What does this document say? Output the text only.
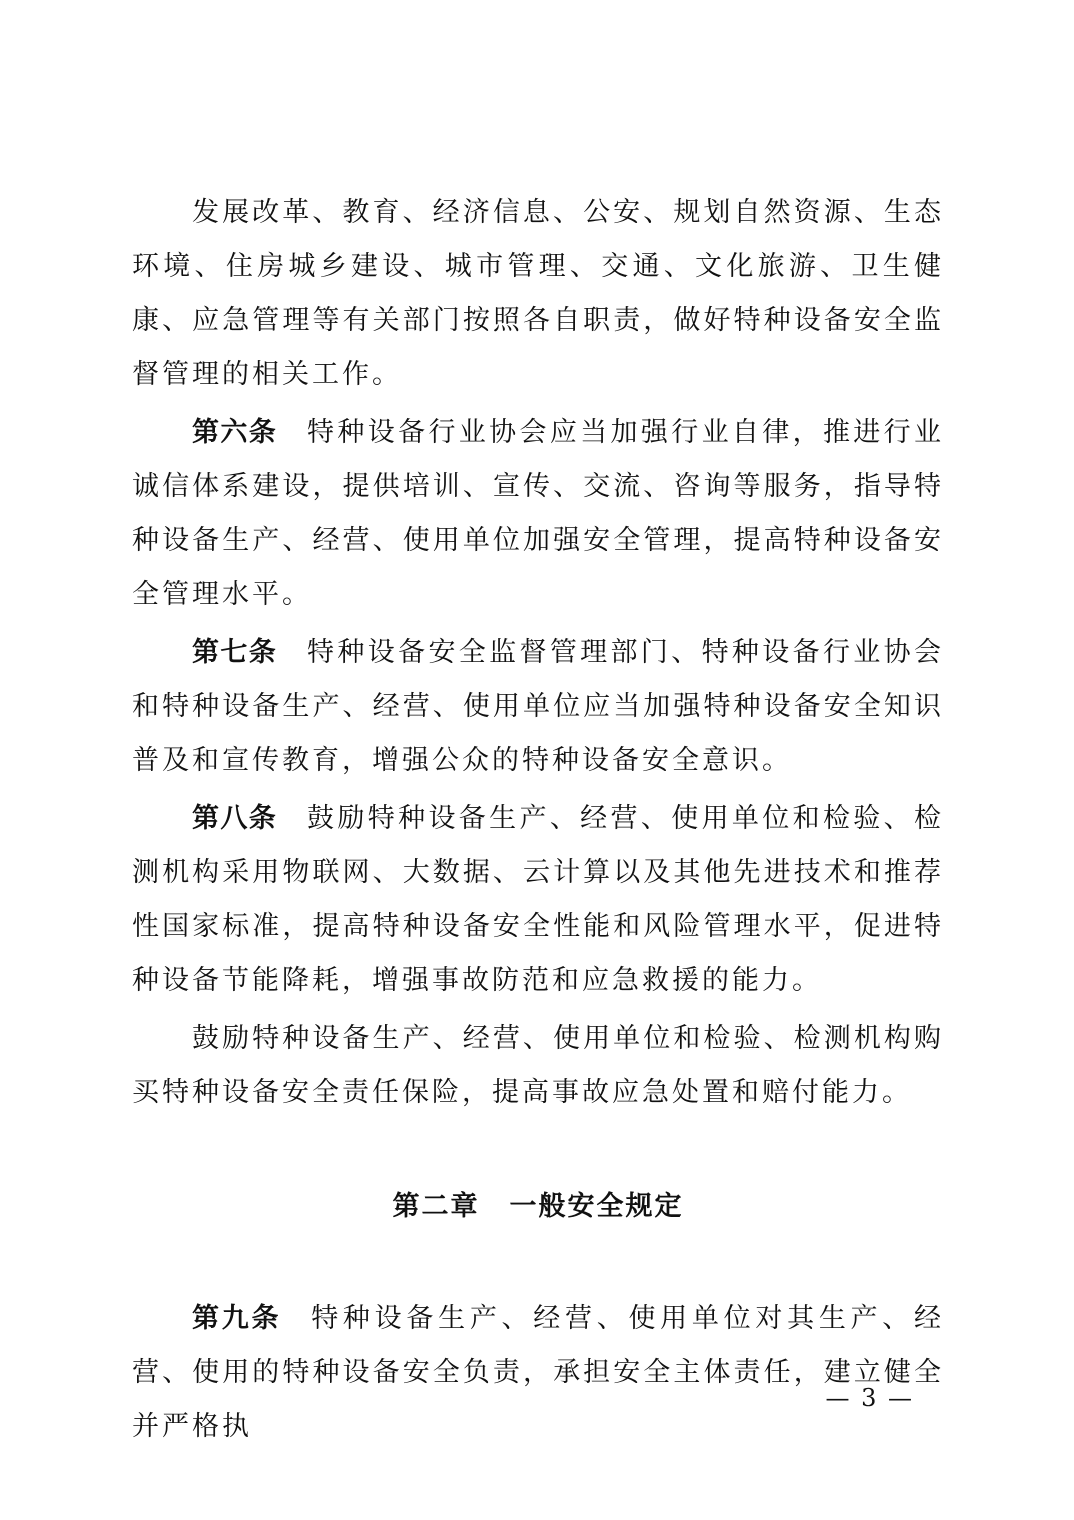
发展改革、教育、经济信息、公安、规划自然资源、生态环境、住房城乡建设、城市管理、交通、文化旅游、卫生健康、应急管理等有关部门按照各自职责，做好特种设备安全监督管理的相关工作。

第六条 特种设备行业协会应当加强行业自律，推进行业诚信体系建设，提供培训、宣传、交流、咨询等服务，指导特种设备生产、经营、使用单位加强安全管理，提高特种设备安全管理水平。

第七条 特种设备安全监督管理部门、特种设备行业协会和特种设备生产、经营、使用单位应当加强特种设备安全知识普及和宣传教育，增强公众的特种设备安全意识。

第八条 鼓励特种设备生产、经营、使用单位和检验、检测机构采用物联网、大数据、云计算以及其他先进技术和推荐性国家标准，提高特种设备安全性能和风险管理水平，促进特种设备节能降耗，增强事故防范和应急救援的能力。

鼓励特种设备生产、经营、使用单位和检验、检测机构购买特种设备安全责任保险，提高事故应急处置和赔付能力。

第二章 一般安全规定

第九条 特种设备生产、经营、使用单位对其生产、经营、使用的特种设备安全负责，承担安全主体责任，建立健全并严格执

— 3 —
